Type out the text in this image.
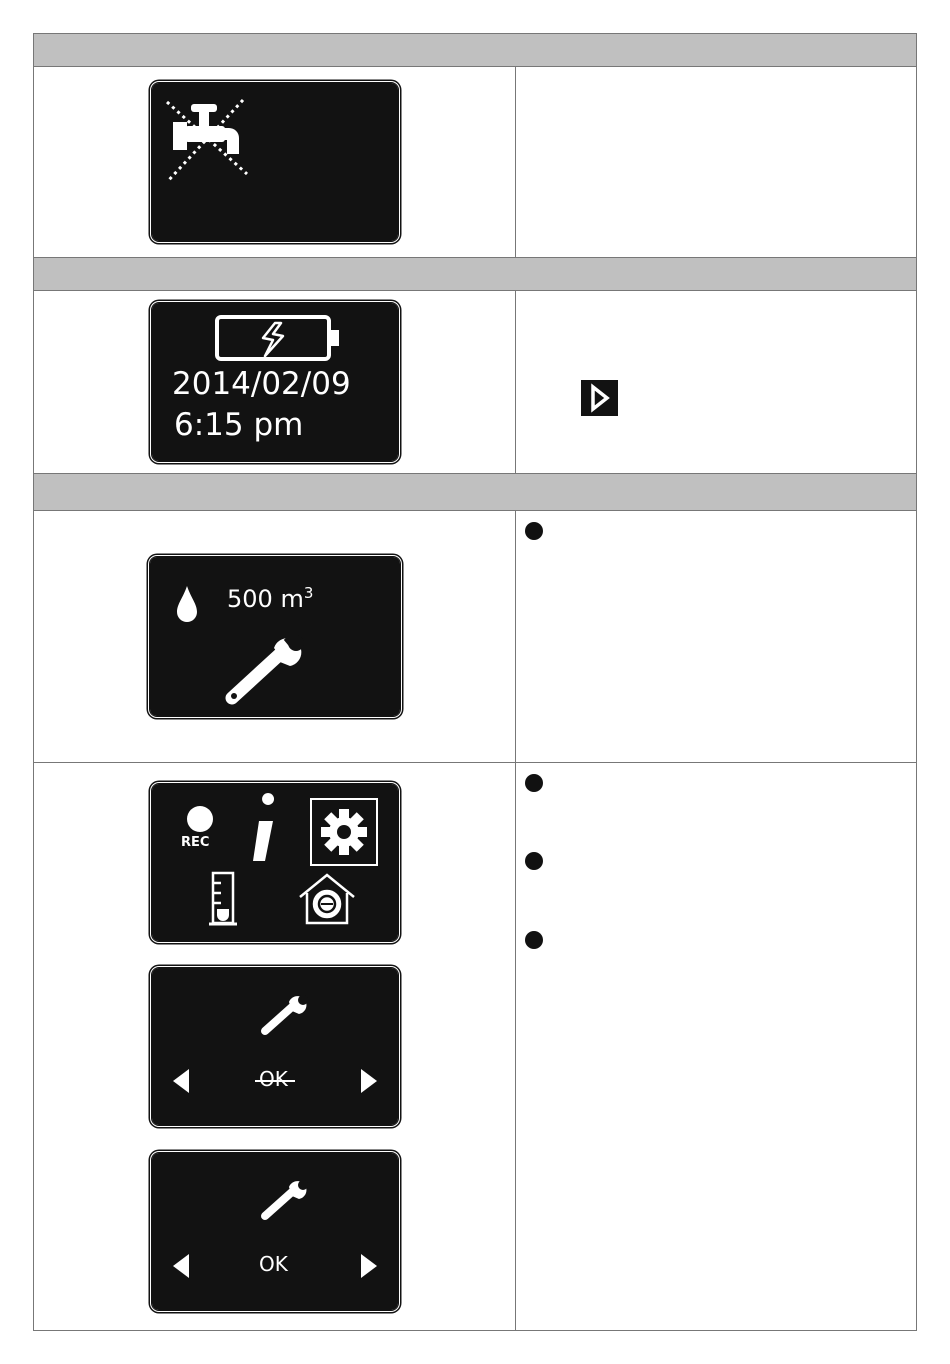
2014/02/09
6:15 pm
500 $m^3$
REC
OK
OK
